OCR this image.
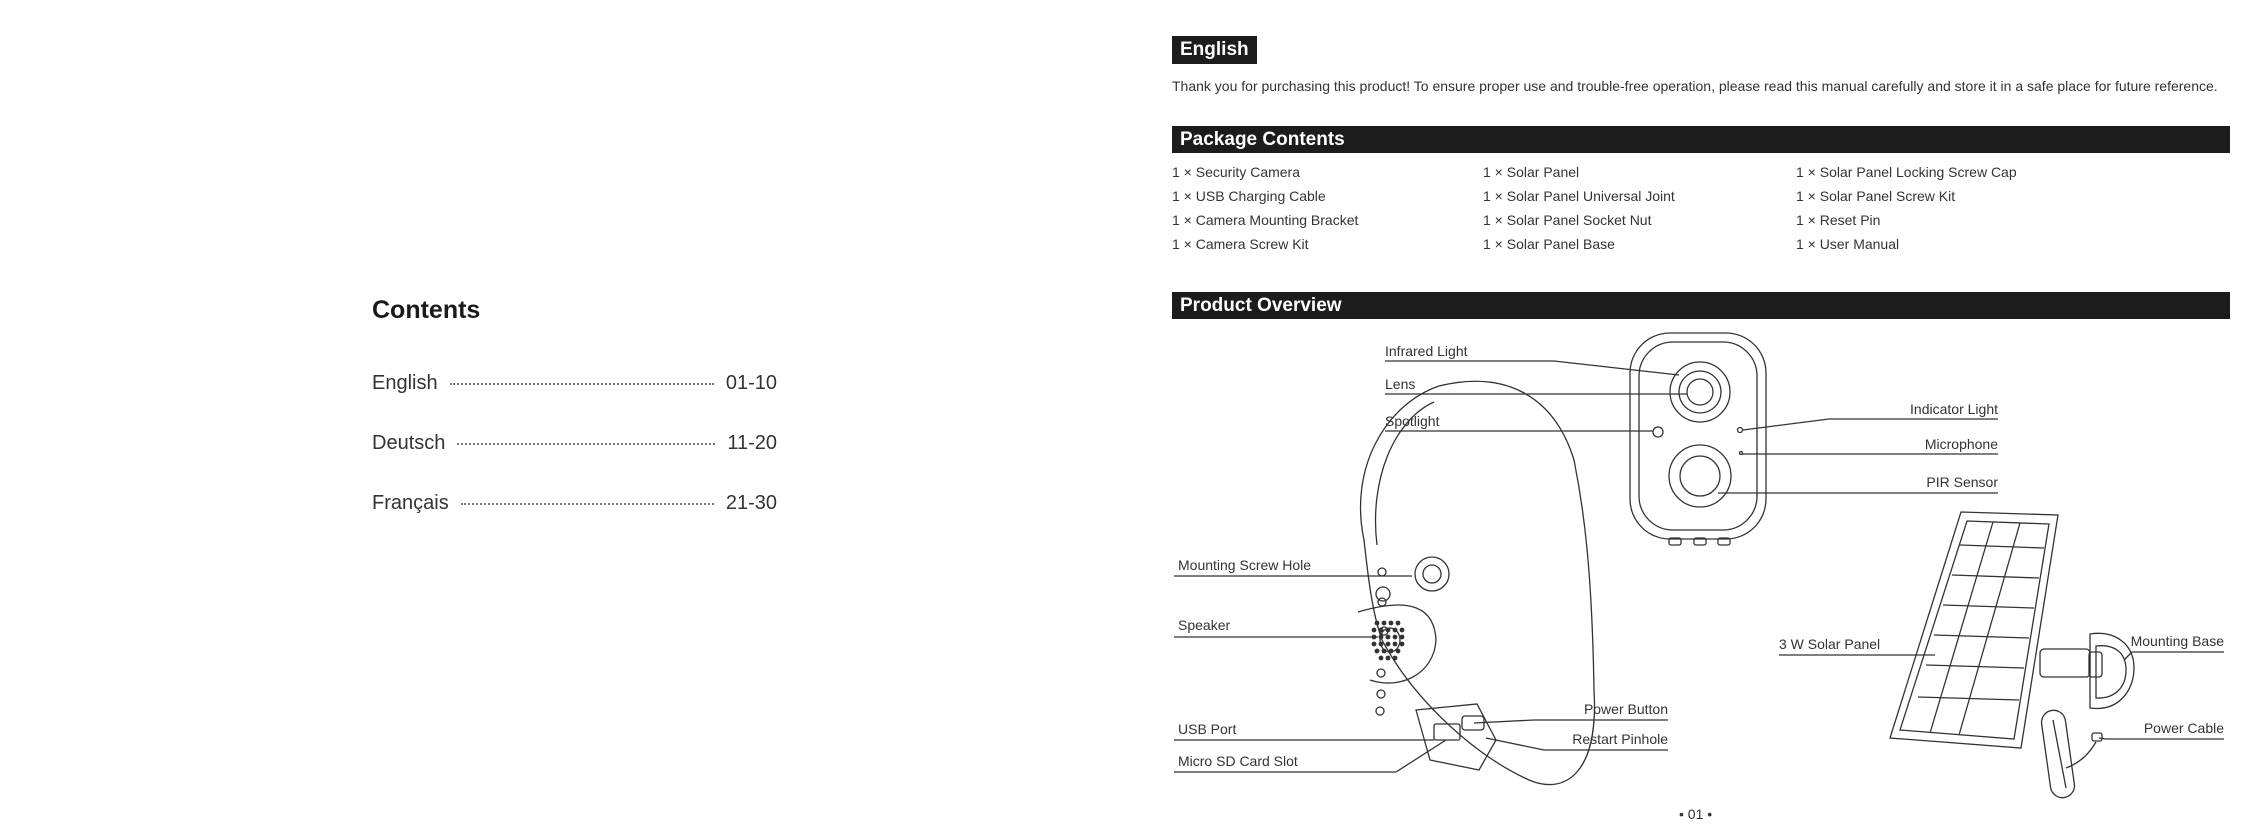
Contents
English	01-10
Deutsch	11-20
Français	21-30
English

Thank you for purchasing this product! To ensure proper use and trouble-free operation, please read this manual carefully and store it in a safe place for future reference.

Package Contents
1 × Security Camera	1 × Solar Panel	1 × Solar Panel Locking Screw Cap
1 × USB Charging Cable	1 × Solar Panel Universal Joint	1 × Solar Panel Screw Kit
1 × Camera Mounting Bracket	1 × Solar Panel Socket Nut	1 × Reset Pin
1 × Camera Screw Kit	1 × Solar Panel Base	1 × User Manual
Product Overview
Infrared Light
Lens
Spotlight
Indicator Light
Microphone
PIR Sensor
Mounting Screw Hole
Speaker
USB Port
Micro SD Card Slot
Power Button
Restart Pinhole
3 W Solar Panel	Mounting Base
Power Cable
• 01 •
